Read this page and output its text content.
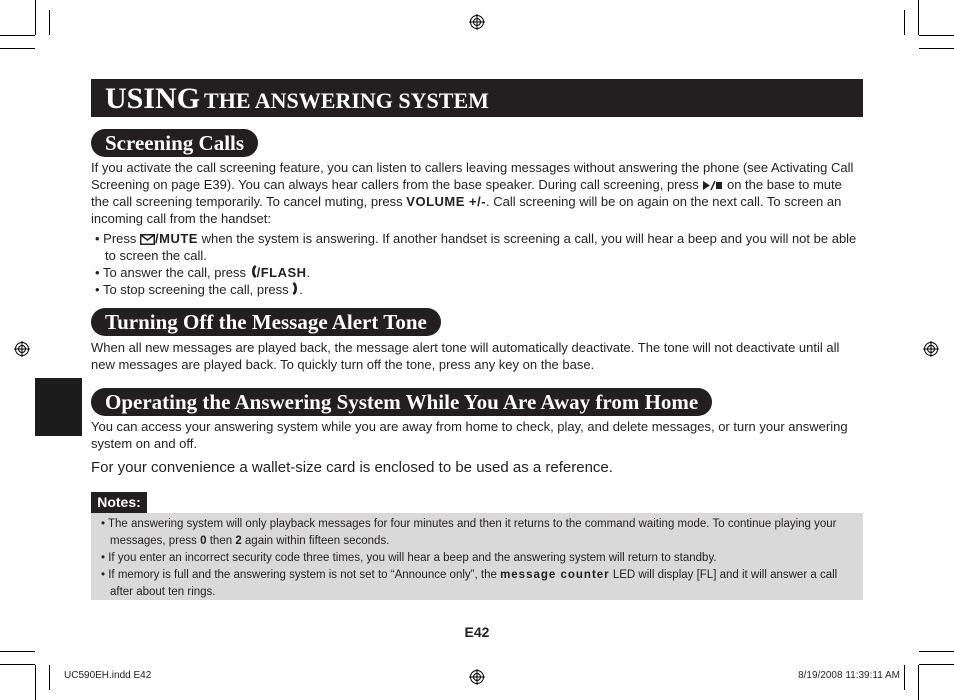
USING THE ANSWERING SYSTEM
Screening Calls
If you activate the call screening feature, you can listen to callers leaving messages without answering the phone (see Activating Call Screening on page E39). You can always hear callers from the base speaker. During call screening, press  on the base to mute the call screening temporarily. To cancel muting, press VOLUME +/-. Call screening will be on again on the next call. To screen an incoming call from the handset:
• Press /MUTE when the system is answering. If another handset is screening a call, you will hear a beep and you will not be able to screen the call.
• To answer the call, press /FLASH.
• To stop screening the call, press .
Turning Off the Message Alert Tone
When all new messages are played back, the message alert tone will automatically deactivate. The tone will not deactivate until all new messages are played back. To quickly turn off the tone, press any key on the base.
Operating the Answering System While You Are Away from Home
You can access your answering system while you are away from home to check, play, and delete messages, or turn your answering system on and off.
For your convenience a wallet-size card is enclosed to be used as a reference.
Notes:
• The answering system will only playback messages for four minutes and then it returns to the command waiting mode. To continue playing your messages, press 0 then 2 again within fifteen seconds.
• If you enter an incorrect security code three times, you will hear a beep and the answering system will return to standby.
• If memory is full and the answering system is not set to “Announce only”, the message counter LED will display [FL] and it will answer a call after about ten rings.
E42
UC590EH.indd E42	8/19/2008 11:39:11 AM
